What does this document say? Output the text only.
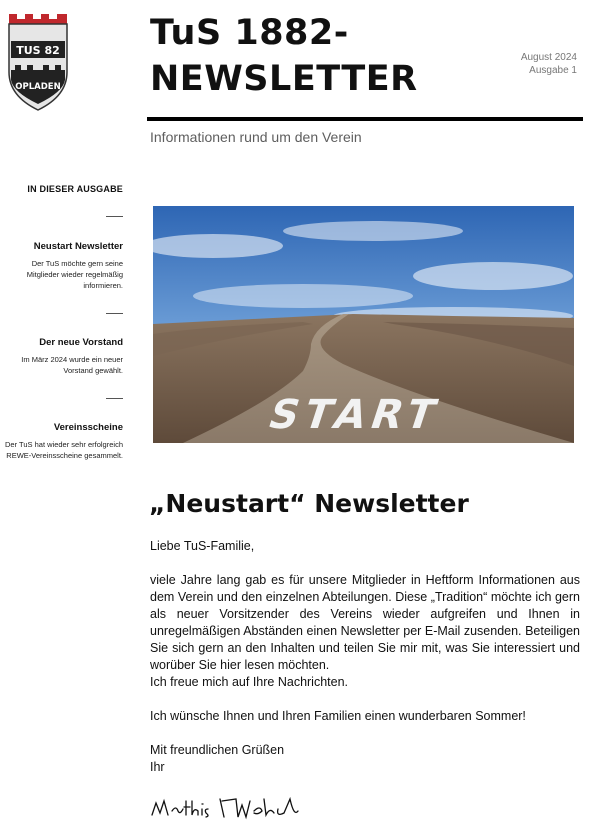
TUS 82
OPLADEN
TuS 1882-
NEWSLETTER
August 2024
Ausgabe 1
Informationen rund um den Verein
IN DIESER AUSGABE
Neustart Newsletter
Der TuS möchte gern seine Mitglieder wieder regelmäßig informieren.
Der neue Vorstand
Im März 2024 wurde ein neuer Vorstand gewählt.
Vereinsscheine
Der TuS hat wieder sehr erfolgreich REWE-Vereinsscheine gesammelt.
START
„Neustart“ Newsletter

Liebe TuS-Familie,

viele Jahre lang gab es für unsere Mitglieder in Heftform Informationen aus dem Verein und den einzelnen Abteilungen. Diese „Tradition“ möchte ich gern als neuer Vorsitzender des Vereins wieder aufgreifen und Ihnen in unregelmäßigen Abständen einen Newsletter per E-Mail zusenden. Beteiligen Sie sich gern an den Inhalten und teilen Sie mir mit, was Sie interessiert und worüber Sie hier lesen möchten.

Ich freue mich auf Ihre Nachrichten.

Ich wünsche Ihnen und Ihren Familien einen wunderbaren Sommer!

Mit freundlichen Grüßen

Ihr
